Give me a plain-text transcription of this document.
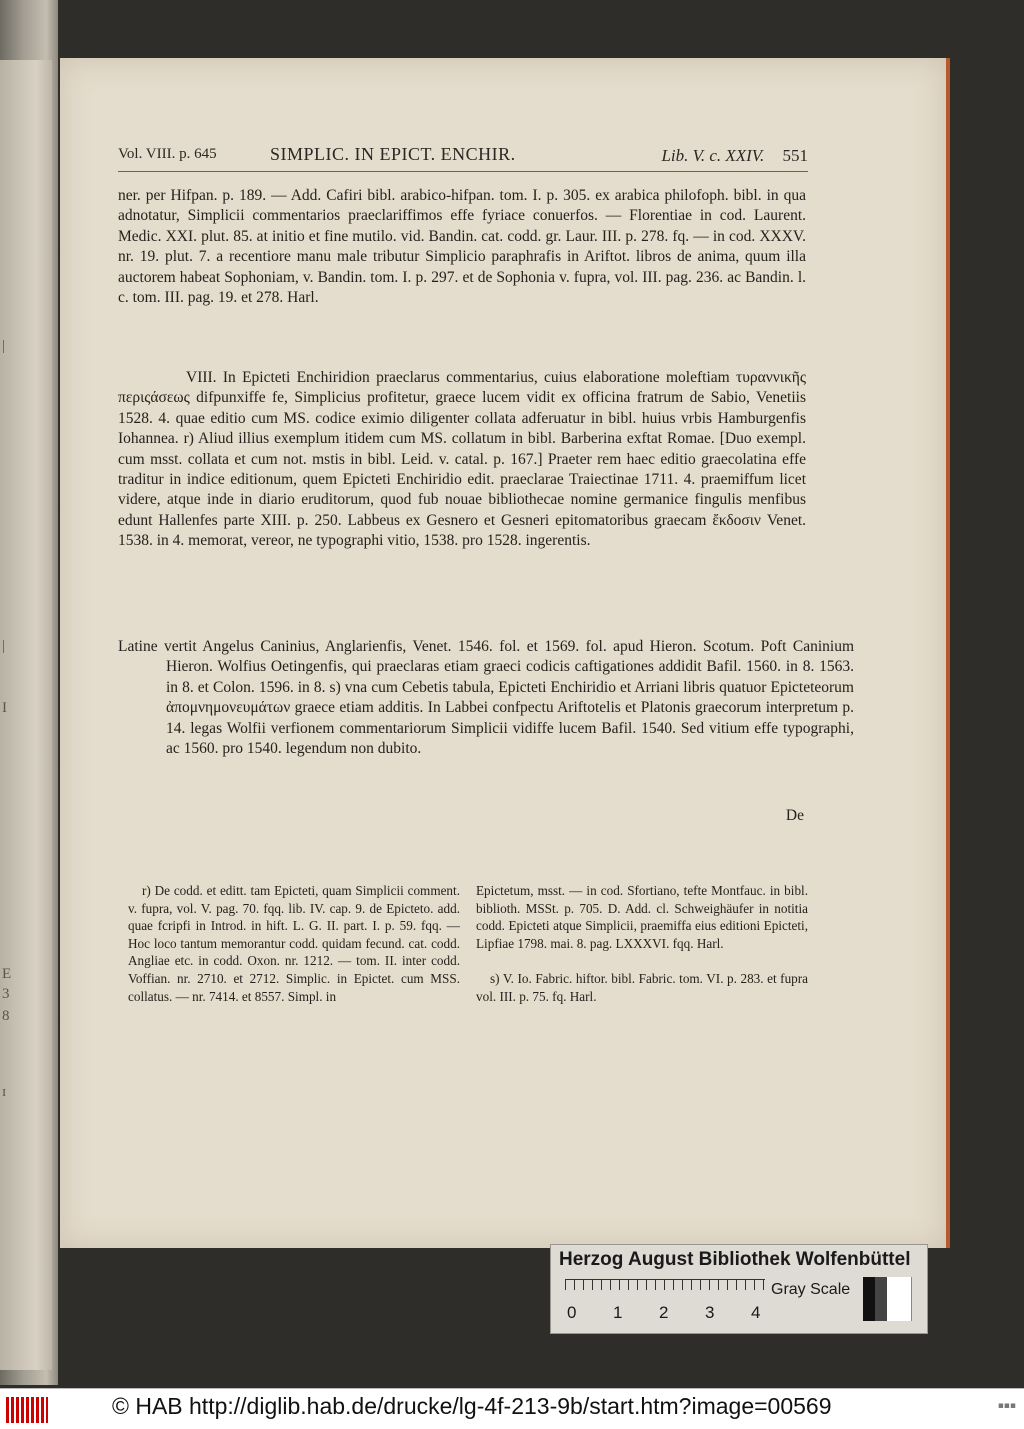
|
|
I
E
3
8
ɪ
Vol. VIII. p. 645	SIMPLIC. IN EPICT. ENCHIR.	Lib. V. c. XXIV. 551
ner. per Hifpan. p. 189. — Add. Cafiri bibl. arabico-hifpan. tom. I. p. 305. ex arabica philofoph. bibl. in qua adnotatur, Simplicii commentarios praeclariffimos effe fyriace conuerfos. — Florentiae in cod. Laurent. Medic. XXI. plut. 85. at initio et fine mutilo. vid. Bandin. cat. codd. gr. Laur. III. p. 278. fq. — in cod. XXXV. nr. 19. plut. 7. a recentiore manu male tributur Simplicio paraphrafis in Ariftot. libros de anima, quum illa auctorem habeat Sophoniam, v. Bandin. tom. I. p. 297. et de Sophonia v. fupra, vol. III. pag. 236. ac Bandin. l. c. tom. III. pag. 19. et 278. Harl.
VIII. In Epicteti Enchiridion praeclarus commentarius, cuius elaboratione moleftiam τυραννικῆς περιςάσεως difpunxiffe fe, Simplicius profitetur, graece lucem vidit ex officina fratrum de Sabio, Venetiis 1528. 4. quae editio cum MS. codice eximio diligenter collata adferuatur in bibl. huius vrbis Hamburgenfis Iohannea. r) Aliud illius exemplum itidem cum MS. collatum in bibl. Barberina exftat Romae. [Duo exempl. cum msst. collata et cum not. mstis in bibl. Leid. v. catal. p. 167.] Praeter rem haec editio graecolatina effe traditur in indice editionum, quem Epicteti Enchiridio edit. praeclarae Traiectinae 1711. 4. praemiffum licet videre, atque inde in diario eruditorum, quod fub nouae bibliothecae nomine germanice fingulis menfibus edunt Hallenfes parte XIII. p. 250. Labbeus ex Gesnero et Gesneri epitomatoribus graecam ἔκδοσιν Venet. 1538. in 4. memorat, vereor, ne typographi vitio, 1538. pro 1528. ingerentis.
Latine vertit Angelus Caninius, Anglarienfis, Venet. 1546. fol. et 1569. fol. apud Hieron. Scotum. Poft Caninium Hieron. Wolfius Oetingenfis, qui praeclaras etiam graeci codicis caftigationes addidit Bafil. 1560. in 8. 1563. in 8. et Colon. 1596. in 8. s) vna cum Cebetis tabula, Epicteti Enchiridio et Arriani libris quatuor Epicteteorum ἀπομνημονευμάτων graece etiam additis. In Labbei confpectu Ariftotelis et Platonis graecorum interpretum p. 14. legas Wolfii verfionem commentariorum Simplicii vidiffe lucem Bafil. 1540. Sed vitium effe typographi, ac 1560. pro 1540. legendum non dubito.
De
r) De codd. et editt. tam Epicteti, quam Simplicii comment. v. fupra, vol. V. pag. 70. fqq. lib. IV. cap. 9. de Epicteto. add. quae fcripfi in Introd. in hift. L. G. II. part. I. p. 59. fqq. — Hoc loco tantum memorantur codd. quidam fecund. cat. codd. Angliae etc. in codd. Oxon. nr. 1212. — tom. II. inter codd. Voffian. nr. 2710. et 2712. Simplic. in Epictet. cum MSS. collatus. — nr. 7414. et 8557. Simpl. in
Epictetum, msst. — in cod. Sfortiano, tefte Montfauc. in bibl. biblioth. MSSt. p. 705. D. Add. cl. Schweighäufer in notitia codd. Epicteti atque Simplicii, praemiffa eius editioni Epicteti, Lipfiae 1798. mai. 8. pag. LXXXVI. fqq. Harl.
s) V. Io. Fabric. hiftor. bibl. Fabric. tom. VI. p. 283. et fupra vol. III. p. 75. fq. Harl.
Herzog August Bibliothek Wolfenbüttel
0 1 2 3 4
Gray Scale
© HAB http://diglib.hab.de/drucke/lg-4f-213-9b/start.htm?image=00569	▪▪▪
